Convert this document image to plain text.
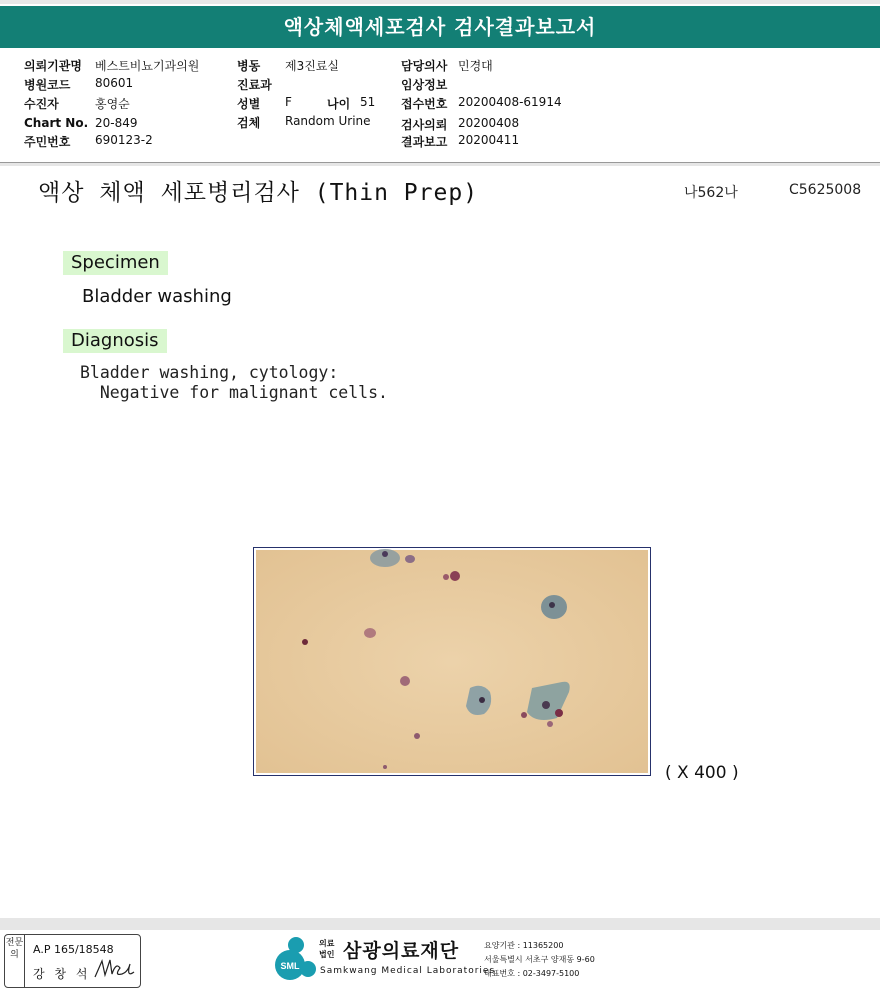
액상체액세포검사 검사결과보고서
의뢰기관명 베스트비뇨기과의원
병원코드 80601
수진자	홍영순
Chart No. 20-849
주민번호 690123-2
병동 제3진료실
진료과
성별 F	나이 51
검체 Random Urine
담당의사 민경대
임상정보
접수번호 20200408-61914
검사의뢰 20200408
결과보고 20200411
액상 체액 세포병리검사 (Thin Prep)	나562나	C5625008
Specimen
Bladder washing
Diagnosis
Bladder washing, cytology:
Negative for malignant cells.
( X 400 )
전문의	A.P 165/18548
강 창 석
SML
의료
법인 삼광의료재단
Samkwang Medical Laboratories
요양기관 : 11365200
서울특별시 서초구 양재동 9-60
대표번호 : 02-3497-5100
